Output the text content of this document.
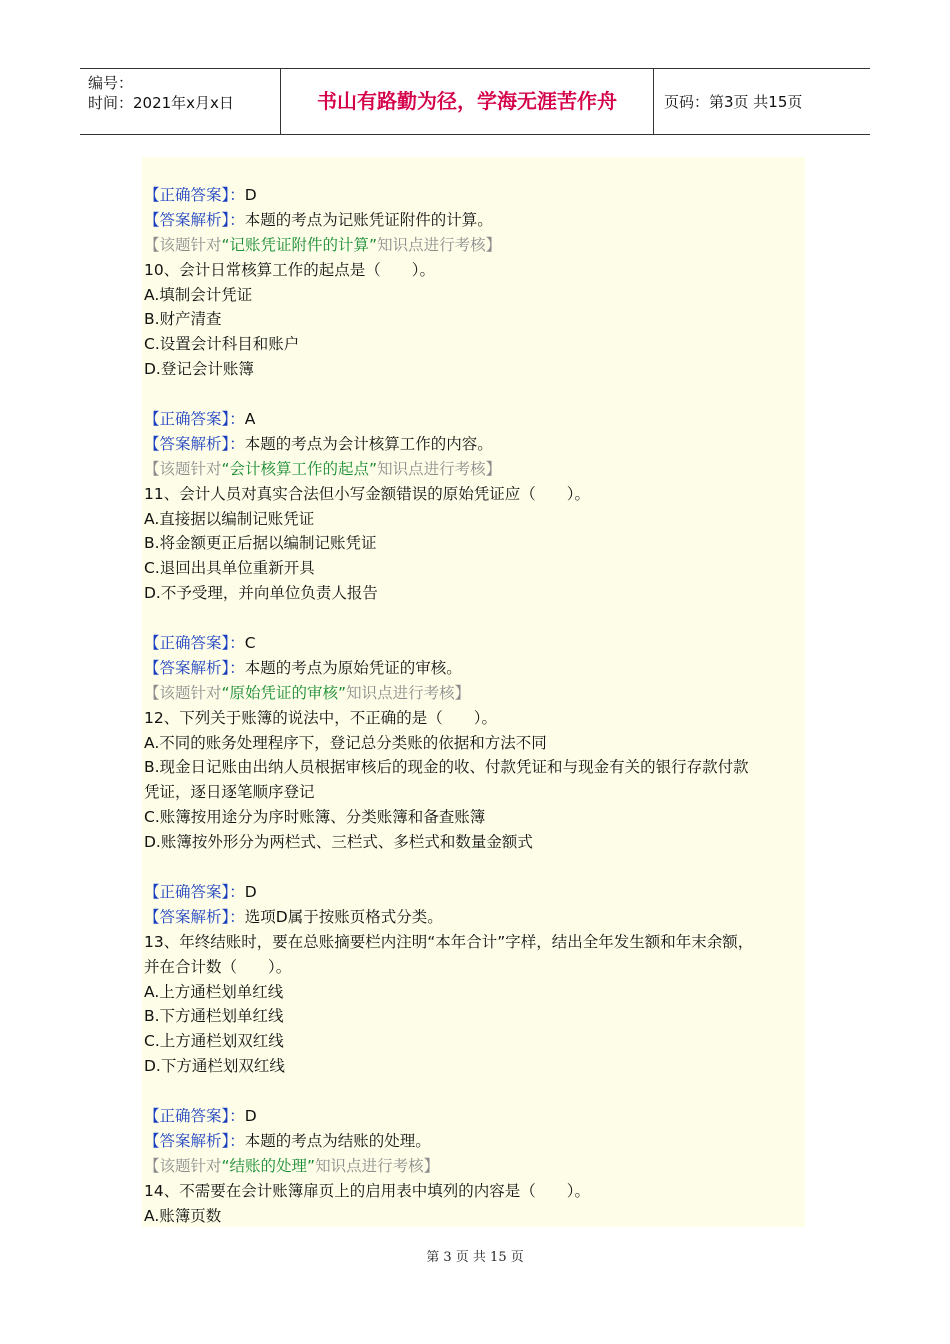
编号：
时间：2021年x月x日	书山有路勤为径，学海无涯苦作舟	页码：第3页 共15页
【正确答案】：D
【答案解析】：本题的考点为记账凭证附件的计算。
【该题针对“记账凭证附件的计算”知识点进行考核】
10、会计日常核算工作的起点是（　　）。
A.填制会计凭证
B.财产清查
C.设置会计科目和账户
D.登记会计账簿
【正确答案】：A
【答案解析】：本题的考点为会计核算工作的内容。
【该题针对“会计核算工作的起点”知识点进行考核】
11、会计人员对真实合法但小写金额错误的原始凭证应（　　）。
A.直接据以编制记账凭证
B.将金额更正后据以编制记账凭证
C.退回出具单位重新开具
D.不予受理，并向单位负责人报告
【正确答案】：C
【答案解析】：本题的考点为原始凭证的审核。
【该题针对“原始凭证的审核”知识点进行考核】
12、下列关于账簿的说法中，不正确的是（　　）。
A.不同的账务处理程序下，登记总分类账的依据和方法不同
B.现金日记账由出纳人员根据审核后的现金的收、付款凭证和与现金有关的银行存款付款
凭证，逐日逐笔顺序登记
C.账簿按用途分为序时账簿、分类账簿和备查账簿
D.账簿按外形分为两栏式、三栏式、多栏式和数量金额式
【正确答案】：D
【答案解析】：选项D属于按账页格式分类。
13、年终结账时，要在总账摘要栏内注明“本年合计”字样，结出全年发生额和年末余额，
并在合计数（　　）。
A.上方通栏划单红线
B.下方通栏划单红线
C.上方通栏划双红线
D.下方通栏划双红线
【正确答案】：D
【答案解析】：本题的考点为结账的处理。
【该题针对“结账的处理”知识点进行考核】
14、不需要在会计账簿扉页上的启用表中填列的内容是（　　）。
A.账簿页数
第 3 页 共 15 页
